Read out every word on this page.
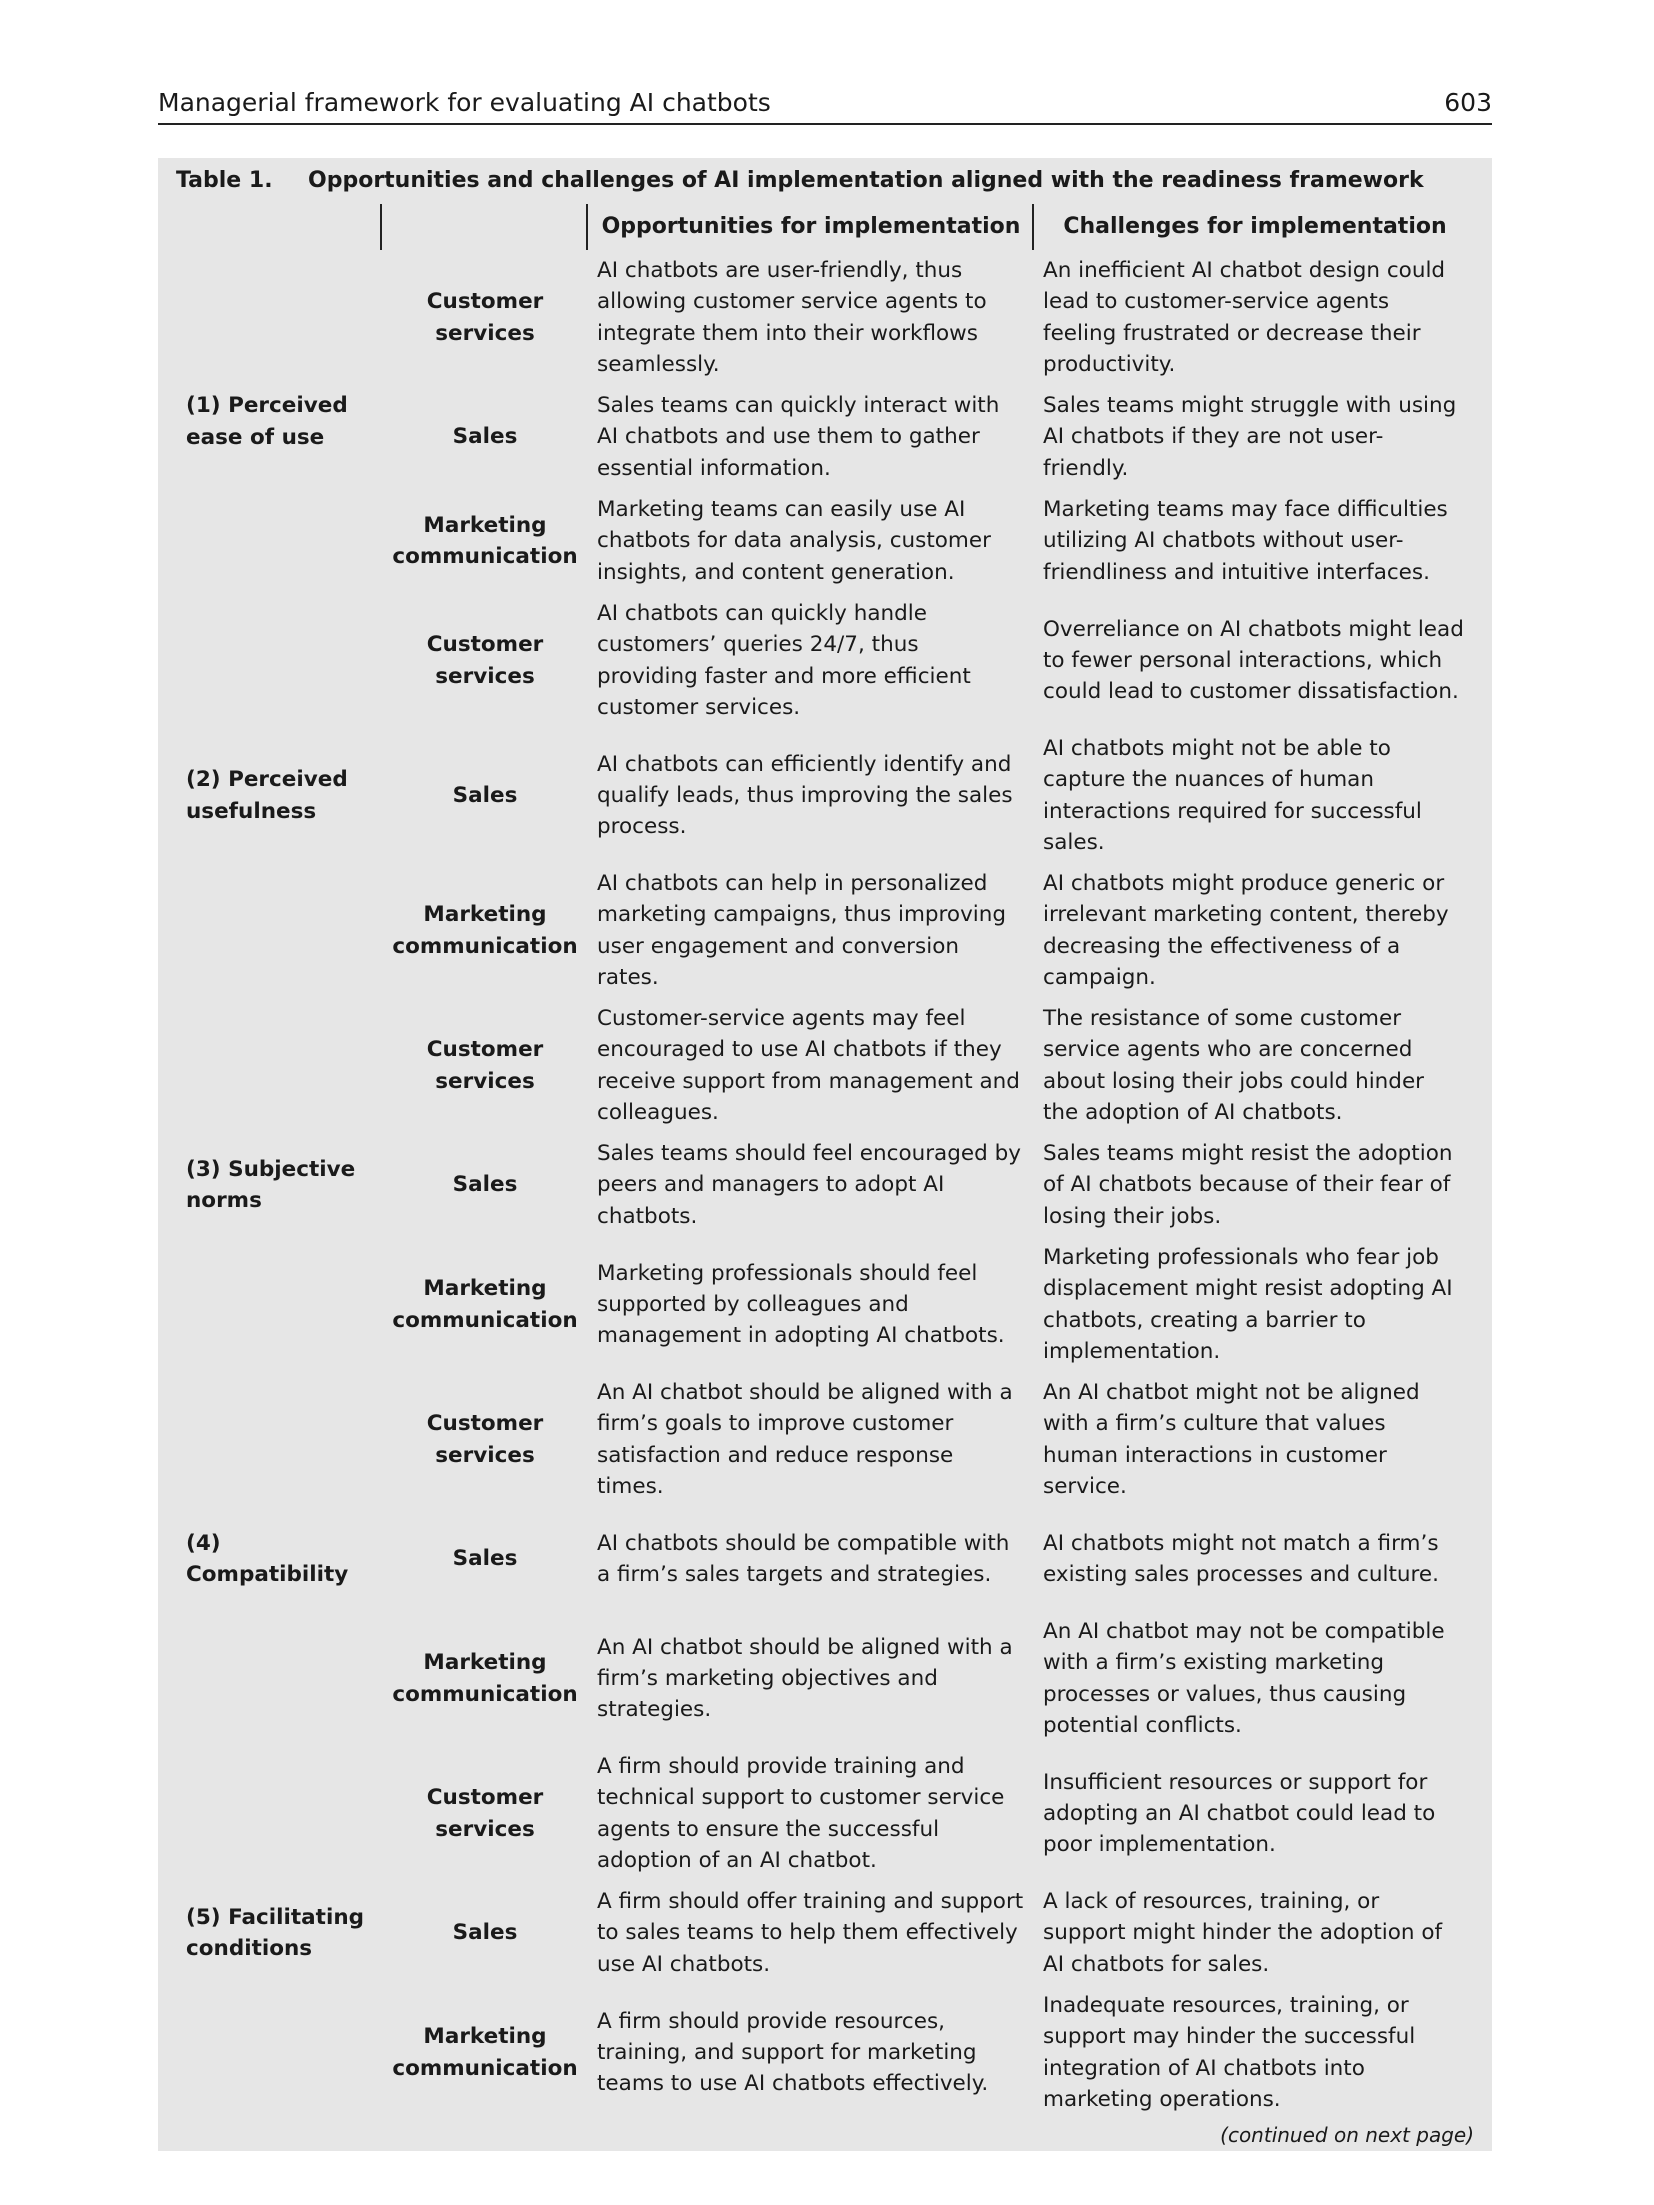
Managerial framework for evaluating AI chatbots	603
Table 1. Opportunities and challenges of AI implementation aligned with the readiness framework
		Opportunities for implementation	Challenges for implementation
(1) Perceived ease of use	Customer services	AI chatbots are user-friendly, thus allowing customer service agents to integrate them into their workflows seamlessly.	An inefficient AI chatbot design could lead to customer-service agents feeling frustrated or decrease their productivity.
	Sales	Sales teams can quickly interact with AI chatbots and use them to gather essential information.	Sales teams might struggle with using AI chatbots if they are not user-friendly.
	Marketing communication	Marketing teams can easily use AI chatbots for data analysis, customer insights, and content generation.	Marketing teams may face difficulties utilizing AI chatbots without user-friendliness and intuitive interfaces.
(2) Perceived usefulness	Customer services	AI chatbots can quickly handle customers’ queries 24/7, thus providing faster and more efficient customer services.	Overreliance on AI chatbots might lead to fewer personal interactions, which could lead to customer dissatisfaction.
	Sales	AI chatbots can efficiently identify and qualify leads, thus improving the sales process.	AI chatbots might not be able to capture the nuances of human interactions required for successful sales.
	Marketing communication	AI chatbots can help in personalized marketing campaigns, thus improving user engagement and conversion rates.	AI chatbots might produce generic or irrelevant marketing content, thereby decreasing the effectiveness of a campaign.
(3) Subjective norms	Customer services	Customer-service agents may feel encouraged to use AI chatbots if they receive support from management and colleagues.	The resistance of some customer service agents who are concerned about losing their jobs could hinder the adoption of AI chatbots.
	Sales	Sales teams should feel encouraged by peers and managers to adopt AI chatbots.	Sales teams might resist the adoption of AI chatbots because of their fear of losing their jobs.
	Marketing communication	Marketing professionals should feel supported by colleagues and management in adopting AI chatbots.	Marketing professionals who fear job displacement might resist adopting AI chatbots, creating a barrier to implementation.
(4) Compatibility	Customer services	An AI chatbot should be aligned with a firm’s goals to improve customer satisfaction and reduce response times.	An AI chatbot might not be aligned with a firm’s culture that values human interactions in customer service.
	Sales	AI chatbots should be compatible with a firm’s sales targets and strategies.	AI chatbots might not match a firm’s existing sales processes and culture.
	Marketing communication	An AI chatbot should be aligned with a firm’s marketing objectives and strategies.	An AI chatbot may not be compatible with a firm’s existing marketing processes or values, thus causing potential conflicts.
(5) Facilitating conditions	Customer services	A firm should provide training and technical support to customer service agents to ensure the successful adoption of an AI chatbot.	Insufficient resources or support for adopting an AI chatbot could lead to poor implementation.
	Sales	A firm should offer training and support to sales teams to help them effectively use AI chatbots.	A lack of resources, training, or support might hinder the adoption of AI chatbots for sales.
	Marketing communication	A firm should provide resources, training, and support for marketing teams to use AI chatbots effectively.	Inadequate resources, training, or support may hinder the successful integration of AI chatbots into marketing operations.
(continued on next page)
